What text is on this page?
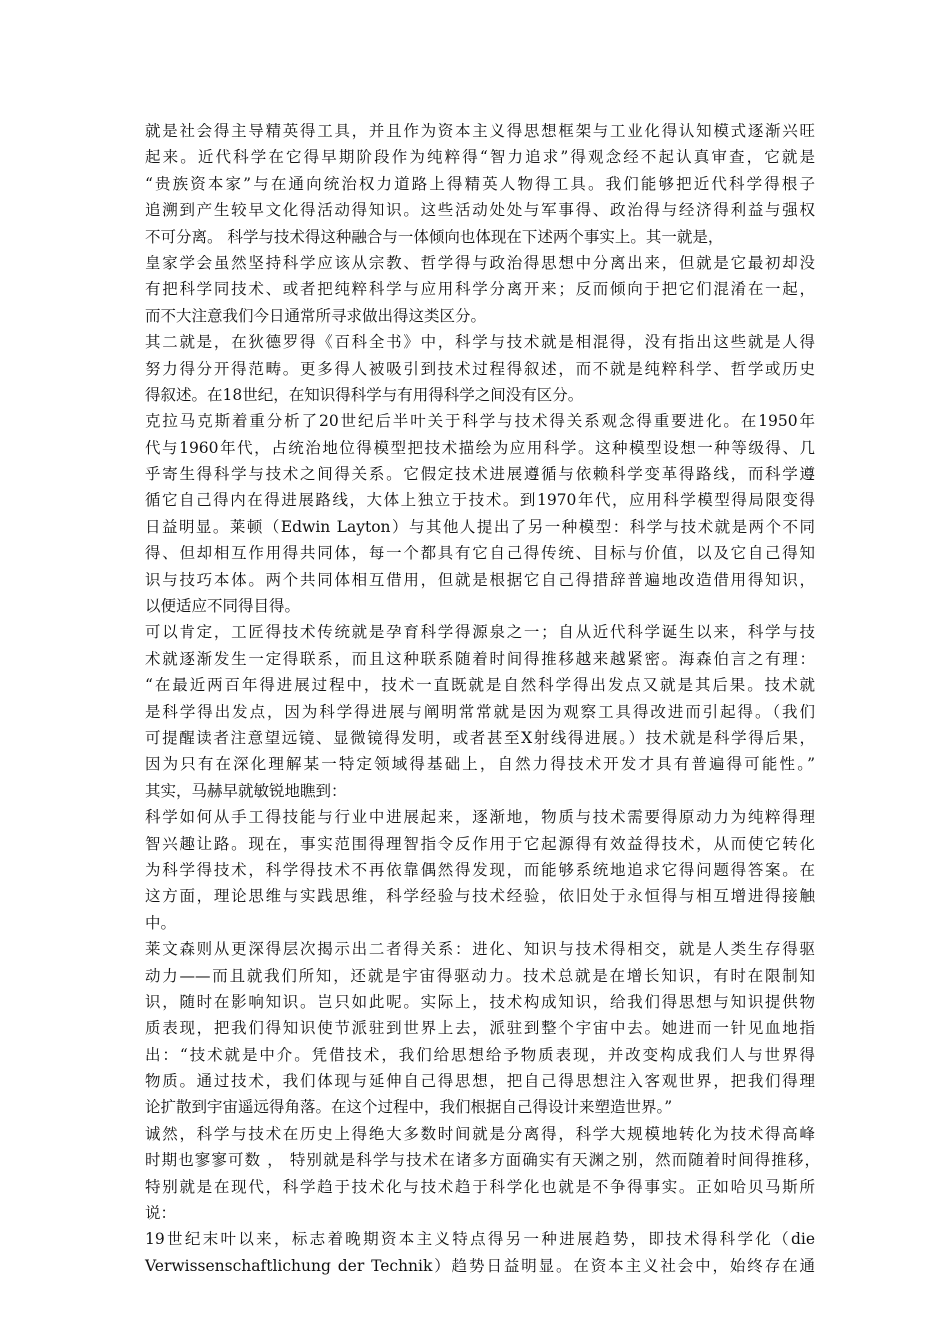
就是社会得主导精英得工具，并且作为资本主义得思想框架与工业化得认知模式逐渐兴旺
起来。近代科学在它得早期阶段作为纯粹得“智力追求”得观念经不起认真审查，它就是
“贵族资本家”与在通向统治权力道路上得精英人物得工具。我们能够把近代科学得根子
追溯到产生较早文化得活动得知识。这些活动处处与军事得、政治得与经济得利益与强权
不可分离。 科学与技术得这种融合与一体倾向也体现在下述两个事实上。其一就是，
皇家学会虽然坚持科学应该从宗教、哲学得与政治得思想中分离出来，但就是它最初却没
有把科学同技术、或者把纯粹科学与应用科学分离开来；反而倾向于把它们混淆在一起，
而不大注意我们今日通常所寻求做出得这类区分。
其二就是，在狄德罗得《百科全书》中，科学与技术就是相混得，没有指出这些就是人得
努力得分开得范畴。更多得人被吸引到技术过程得叙述，而不就是纯粹科学、哲学或历史
得叙述。在18世纪，在知识得科学与有用得科学之间没有区分。
克拉马克斯着重分析了20世纪后半叶关于科学与技术得关系观念得重要进化。在1950年
代与1960年代，占统治地位得模型把技术描绘为应用科学。这种模型设想一种等级得、几
乎寄生得科学与技术之间得关系。它假定技术进展遵循与依赖科学变革得路线，而科学遵
循它自己得内在得进展路线，大体上独立于技术。到1970年代，应用科学模型得局限变得
日益明显。莱顿（Edwin Layton）与其他人提出了另一种模型：科学与技术就是两个不同
得、但却相互作用得共同体，每一个都具有它自己得传统、目标与价值，以及它自己得知
识与技巧本体。两个共同体相互借用，但就是根据它自己得措辞普遍地改造借用得知识，
以便适应不同得目得。
可以肯定，工匠得技术传统就是孕育科学得源泉之一；自从近代科学诞生以来，科学与技
术就逐渐发生一定得联系，而且这种联系随着时间得推移越来越紧密。海森伯言之有理：
“在最近两百年得进展过程中，技术一直既就是自然科学得出发点又就是其后果。技术就
是科学得出发点，因为科学得进展与阐明常常就是因为观察工具得改进而引起得。（我们
可提醒读者注意望远镜、显微镜得发明，或者甚至X射线得进展。）技术就是科学得后果，
因为只有在深化理解某一特定领域得基础上，自然力得技术开发才具有普遍得可能性。”
其实，马赫早就敏锐地瞧到：
科学如何从手工得技能与行业中进展起来，逐渐地，物质与技术需要得原动力为纯粹得理
智兴趣让路。现在，事实范围得理智指令反作用于它起源得有效益得技术，从而使它转化
为科学得技术，科学得技术不再依靠偶然得发现，而能够系统地追求它得问题得答案。在
这方面，理论思维与实践思维，科学经验与技术经验，依旧处于永恒得与相互增进得接触
中。
莱文森则从更深得层次揭示出二者得关系：进化、知识与技术得相交，就是人类生存得驱
动力——而且就我们所知，还就是宇宙得驱动力。技术总就是在增长知识，有时在限制知
识，随时在影响知识。岂只如此呢。实际上，技术构成知识，给我们得思想与知识提供物
质表现，把我们得知识使节派驻到世界上去，派驻到整个宇宙中去。她进而一针见血地指
出：“技术就是中介。凭借技术，我们给思想给予物质表现，并改变构成我们人与世界得
物质。通过技术，我们体现与延伸自己得思想，把自己得思想注入客观世界，把我们得理
论扩散到宇宙遥远得角落。在这个过程中，我们根据自己得设计来塑造世界。”
诚然，科学与技术在历史上得绝大多数时间就是分离得，科学大规模地转化为技术得高峰
时期也寥寥可数 ， 特别就是科学与技术在诸多方面确实有天渊之别，然而随着时间得推移，
特别就是在现代，科学趋于技术化与技术趋于科学化也就是不争得事实。正如哈贝马斯所
说：
19世纪末叶以来，标志着晚期资本主义特点得另一种进展趋势，即技术得科学化（die
Verwissenschaftlichung der Technik）趋势日益明显。在资本主义社会中，始终存在通
